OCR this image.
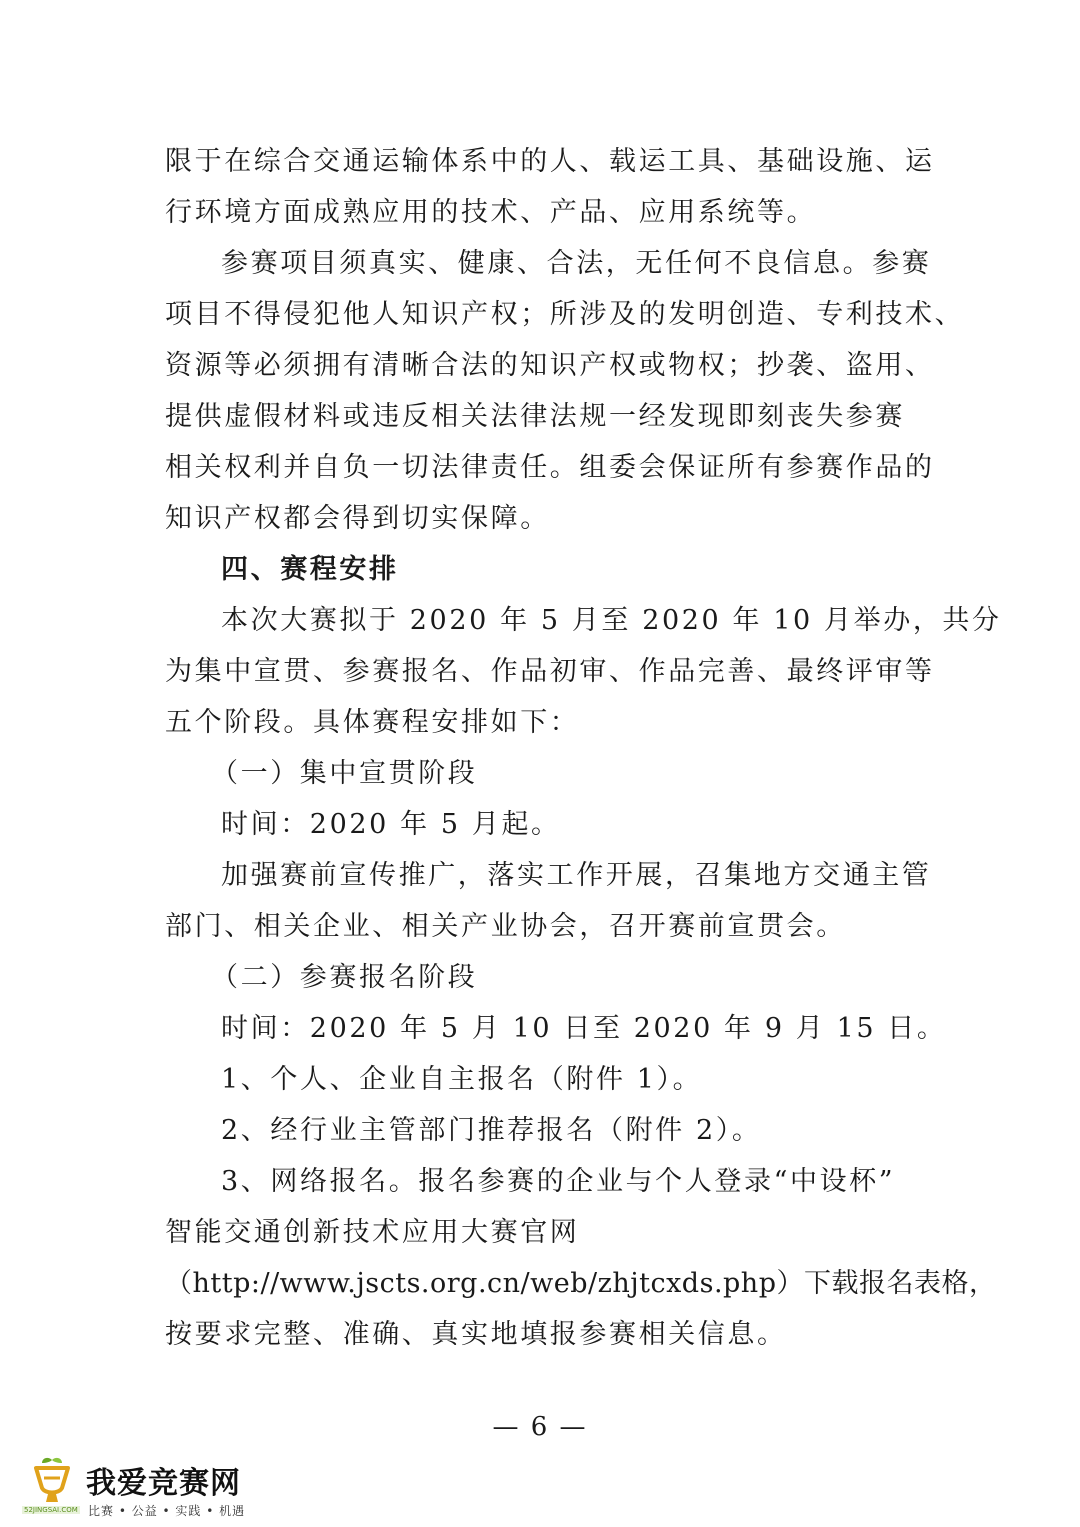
限于在综合交通运输体系中的人、载运工具、基础设施、运
行环境方面成熟应用的技术、产品、应用系统等。
参赛项目须真实、健康、合法，无任何不良信息。参赛
项目不得侵犯他人知识产权；所涉及的发明创造、专利技术、
资源等必须拥有清晰合法的知识产权或物权；抄袭、盗用、
提供虚假材料或违反相关法律法规一经发现即刻丧失参赛
相关权利并自负一切法律责任。组委会保证所有参赛作品的
知识产权都会得到切实保障。
四、赛程安排
本次大赛拟于 2020 年 5 月至 2020 年 10 月举办，共分
为集中宣贯、参赛报名、作品初审、作品完善、最终评审等
五个阶段。具体赛程安排如下：
（一）集中宣贯阶段
时间：2020 年 5 月起。
加强赛前宣传推广，落实工作开展，召集地方交通主管
部门、相关企业、相关产业协会，召开赛前宣贯会。
（二）参赛报名阶段
时间：2020 年 5 月 10 日至 2020 年 9 月 15 日。
1、个人、企业自主报名（附件 1）。
2、经行业主管部门推荐报名（附件 2）。
3、网络报名。报名参赛的企业与个人登录“中设杯”
智能交通创新技术应用大赛官网
（http://www.jscts.org.cn/web/zhjtcxds.php）下载报名表格，
按要求完整、准确、真实地填报参赛相关信息。
— 6 —
我爱竞赛网
52JINGSAI.COM 比赛 • 公益 • 实践 • 机遇
